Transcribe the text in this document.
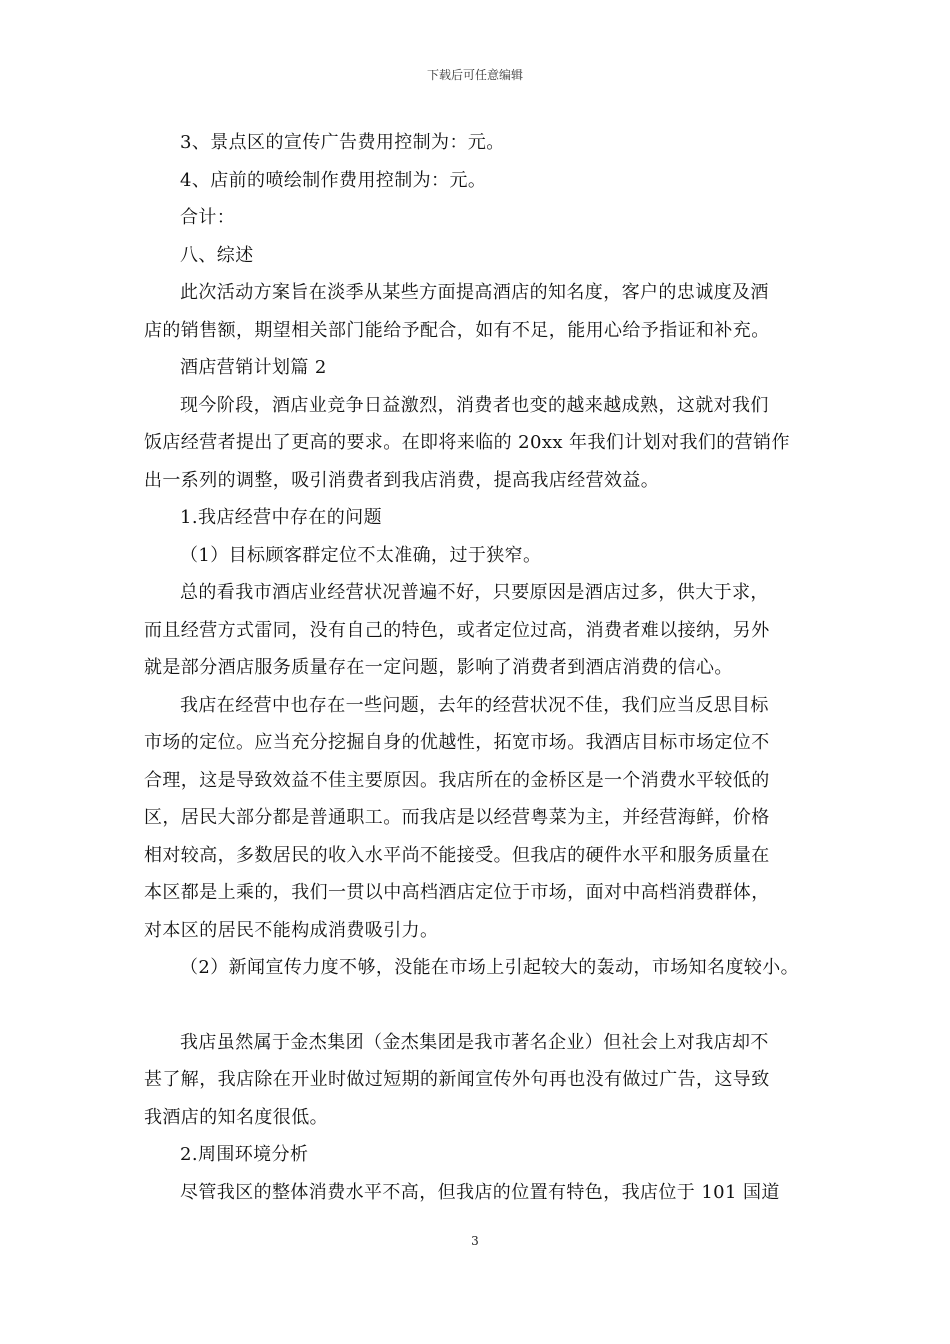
下载后可任意编辑

3、景点区的宣传广告费用控制为：元。

4、店前的喷绘制作费用控制为：元。

合计：

八、综述

此次活动方案旨在淡季从某些方面提高酒店的知名度，客户的忠诚度及酒

店的销售额，期望相关部门能给予配合，如有不足，能用心给予指证和补充。

酒店营销计划篇 2

现今阶段，酒店业竞争日益激烈，消费者也变的越来越成熟，这就对我们

饭店经营者提出了更高的要求。在即将来临的 20xx 年我们计划对我们的营销作

出一系列的调整，吸引消费者到我店消费，提高我店经营效益。

1.我店经营中存在的问题

（1）目标顾客群定位不太准确，过于狭窄。

总的看我市酒店业经营状况普遍不好，只要原因是酒店过多，供大于求，

而且经营方式雷同，没有自己的特色，或者定位过高，消费者难以接纳，另外

就是部分酒店服务质量存在一定问题，影响了消费者到酒店消费的信心。

我店在经营中也存在一些问题，去年的经营状况不佳，我们应当反思目标

市场的定位。应当充分挖掘自身的优越性，拓宽市场。我酒店目标市场定位不

合理，这是导致效益不佳主要原因。我店所在的金桥区是一个消费水平较低的

区，居民大部分都是普通职工。而我店是以经营粤菜为主，并经营海鲜，价格

相对较高，多数居民的收入水平尚不能接受。但我店的硬件水平和服务质量在

本区都是上乘的，我们一贯以中高档酒店定位于市场，面对中高档消费群体，

对本区的居民不能构成消费吸引力。

（2）新闻宣传力度不够，没能在市场上引起较大的轰动，市场知名度较小。

我店虽然属于金杰集团（金杰集团是我市著名企业）但社会上对我店却不

甚了解，我店除在开业时做过短期的新闻宣传外句再也没有做过广告，这导致

我酒店的知名度很低。

2.周围环境分析

尽管我区的整体消费水平不高，但我店的位置有特色，我店位于 101 国道

3
